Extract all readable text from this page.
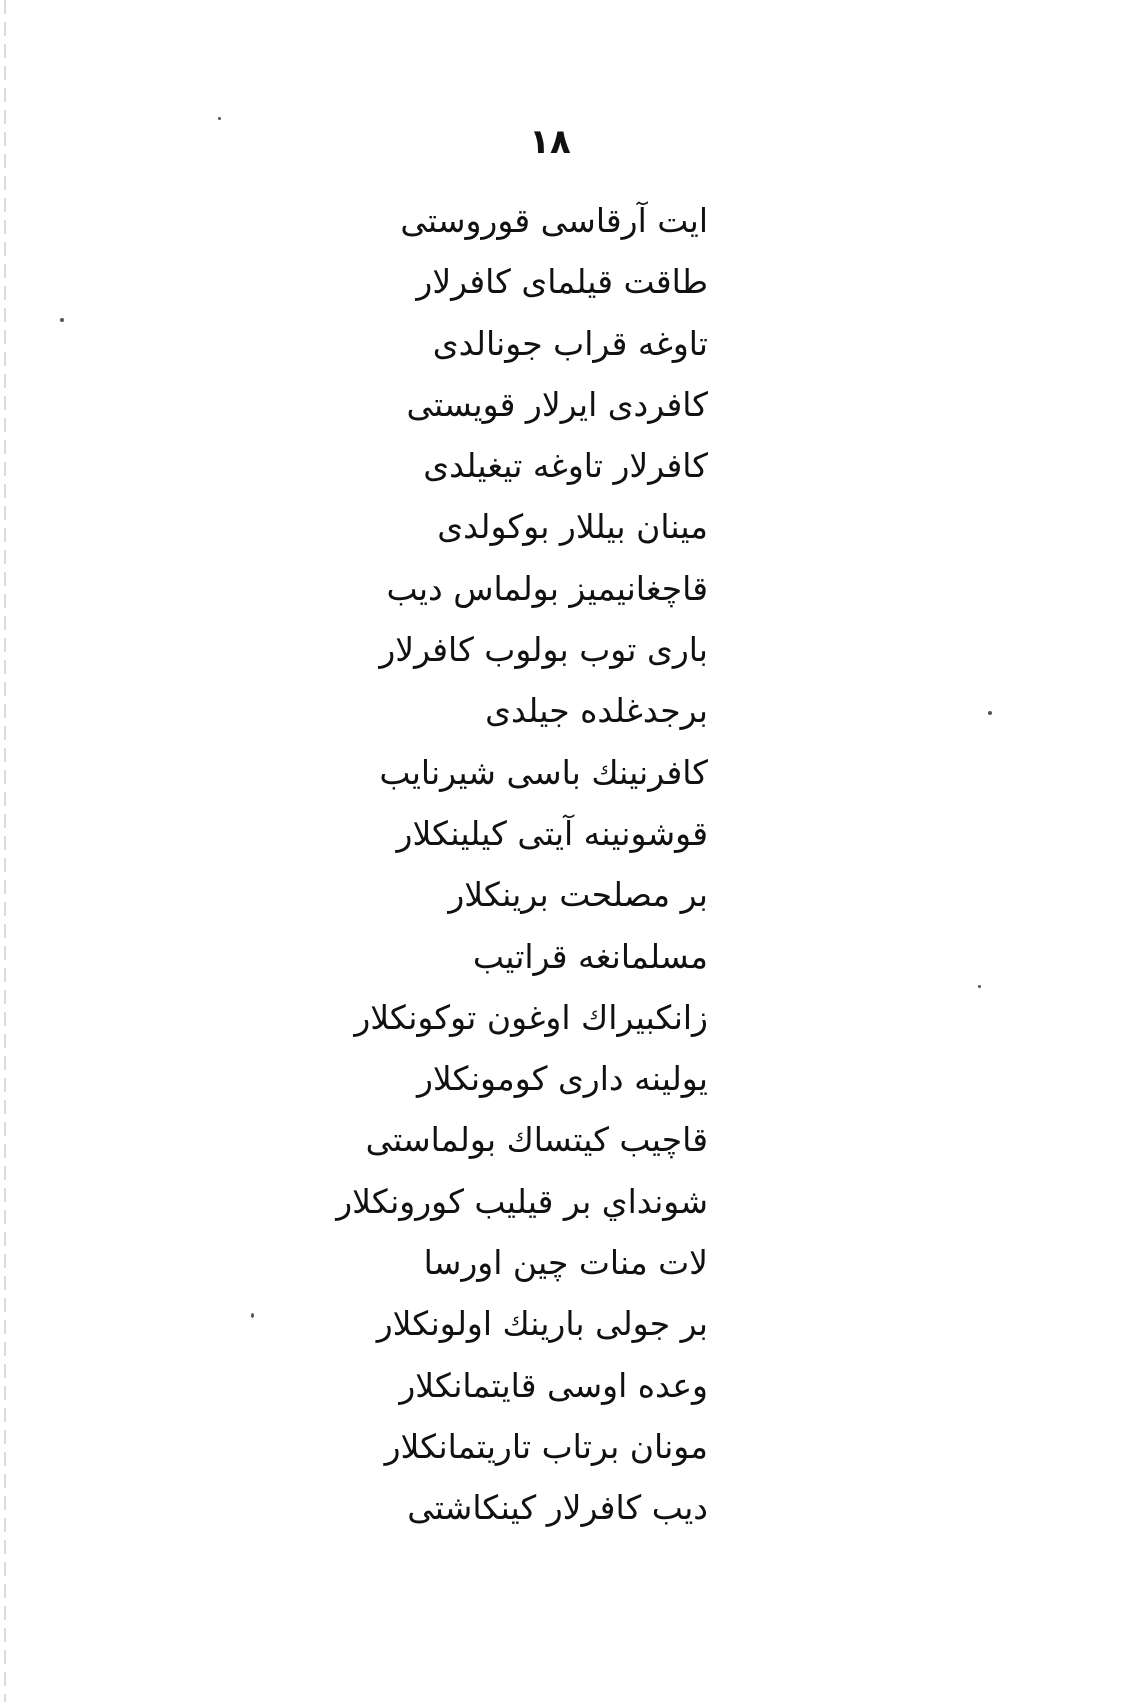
۱۸
ایت آرقاسی قوروستی
طاقت قیلمای کافرلار
تاوغه قراب جونالدی
کافردی ایرلار قویستی
کافرلار تاوغه تیغیلدی
مینان بیللار بوکولدی
قاچغانیمیز بولماس دیب
باری توب بولوب کافرلار
برجدغلده جیلدی
کافرنینك باسی شیرنایب
قوشونینه آیتی کیلینکلار
بر مصلحت برینکلار
مسلمانغه قراتیب
زانکبیراك اوغون توکونکلار
یولینه داری کومونکلار
قاچیب کیتساك بولماستی
شونداي بر قیلیب کورونکلار
لات منات چین اورسا
بر جولی بارینك اولونکلار
وعده اوسی قایتمانکلار
مونان برتاب تاریتمانکلار
دیب کافرلار کینکاشتی
